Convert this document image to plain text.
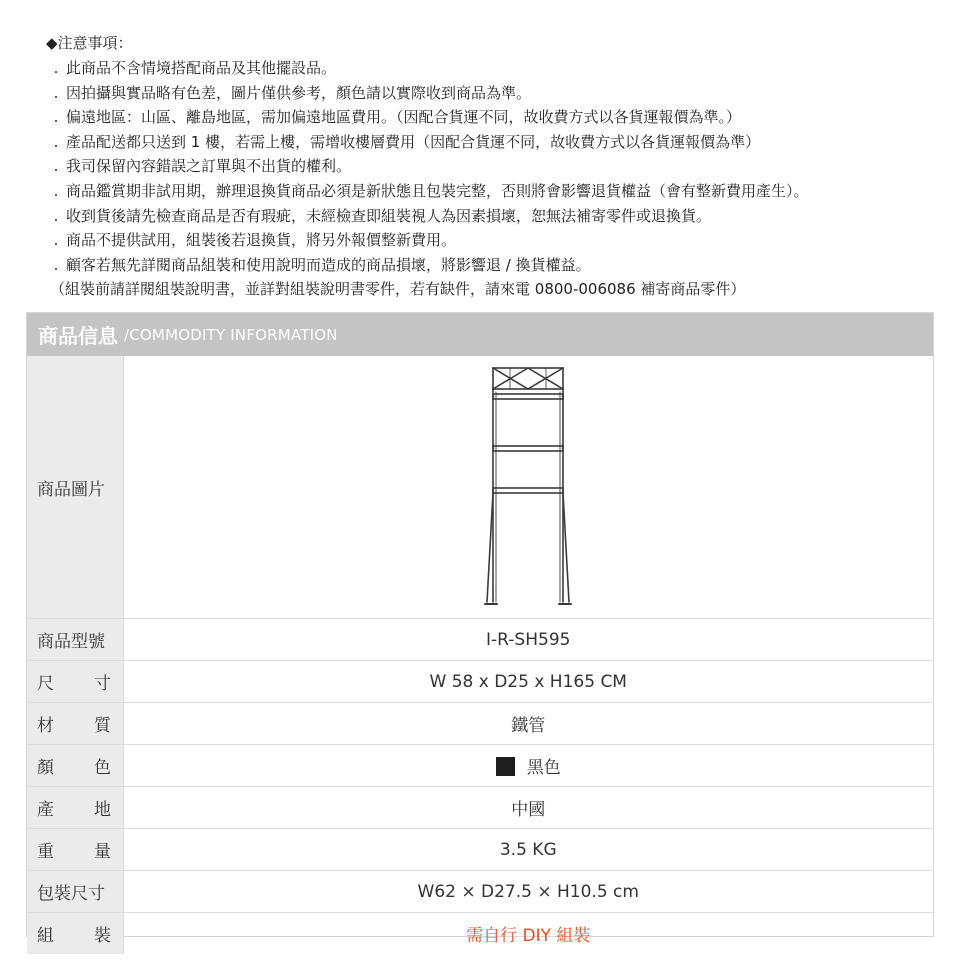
◆注意事項：
. 此商品不含情境搭配商品及其他擺設品。
. 因拍攝與實品略有色差，圖片僅供參考，顏色請以實際收到商品為準。
. 偏遠地區：山區、離島地區，需加偏遠地區費用。（因配合貨運不同，故收費方式以各貨運報價為準。）
. 產品配送都只送到 1 樓，若需上樓，需增收樓層費用（因配合貨運不同，故收費方式以各貨運報價為準）
. 我司保留內容錯誤之訂單與不出貨的權利。
. 商品鑑賞期非試用期，辦理退換貨商品必須是新狀態且包裝完整，否則將會影響退貨權益（會有整新費用產生）。
. 收到貨後請先檢查商品是否有瑕疵，未經檢查即組裝視人為因素損壞，恕無法補寄零件或退換貨。
. 商品不提供試用，組裝後若退換貨，將另外報價整新費用。
. 顧客若無先詳閱商品組裝和使用說明而造成的商品損壞，將影響退 / 換貨權益。
（組裝前請詳閱組裝說明書，並詳對組裝說明書零件，若有缺件，請來電 0800-006086 補寄商品零件）
商品信息 /COMMODITY INFORMATION
商品圖片	

商品型號	I-R-SH595

尺 寸	W 58 x D25 x H165 CM

材 質	鐵管

顏 色	黑色

產 地	中國

重 量	3.5 KG
包裝尺寸	W62 × D27.5 × H10.5 cm

組 裝	需自行 DIY 組裝
